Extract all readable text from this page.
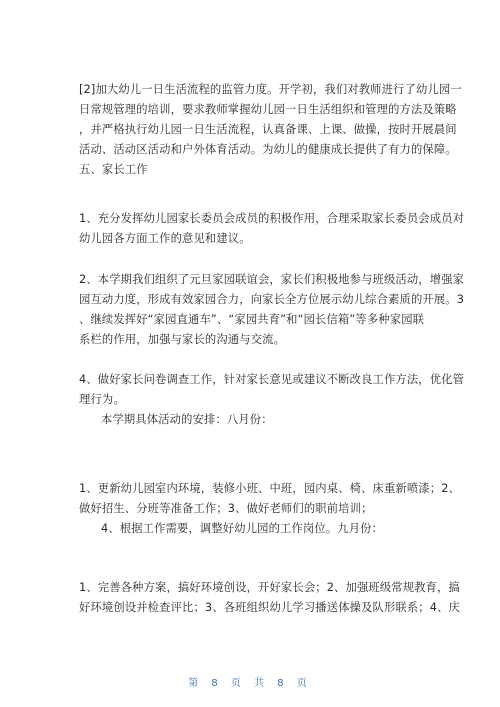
[2]加大幼儿一日生活流程的监管力度。开学初，我们对教师进行了幼儿园一
日常规管理的培训，要求教师掌握幼儿园一日生活组织和管理的方法及策略
，并严格执行幼儿园一日生活流程，认真备课、上课、做操，按时开展晨间
活动、活动区活动和户外体育活动。为幼儿的健康成长提供了有力的保障。
五、家长工作
1、充分发挥幼儿园家长委员会成员的积极作用，合理采取家长委员会成员对
幼儿园各方面工作的意见和建议。
2、本学期我们组织了元旦家园联谊会，家长们积极地参与班级活动，增强家
园互动力度，形成有效家园合力，向家长全方位展示幼儿综合素质的开展。3
、继续发挥好“家园直通车”、“家园共育”和“园长信箱”等多种家园联
系栏的作用，加强与家长的沟通与交流。
4、做好家长问卷调查工作，针对家长意见或建议不断改良工作方法，优化管
理行为。
本学期具体活动的安排：八月份：
1、更新幼儿园室内环境，装修小班、中班，园内桌、椅、床重新喷漆；2、
做好招生、分班等准备工作；3、做好老师们的职前培训；
4、根据工作需要，调整好幼儿园的工作岗位。九月份：
1、完善各种方案，搞好环境创设，开好家长会；2、加强班级常规教育，搞
好环境创设并检查评比；3、各班组织幼儿学习播送体操及队形联系；4、庆
第 8 页 共 8 页
